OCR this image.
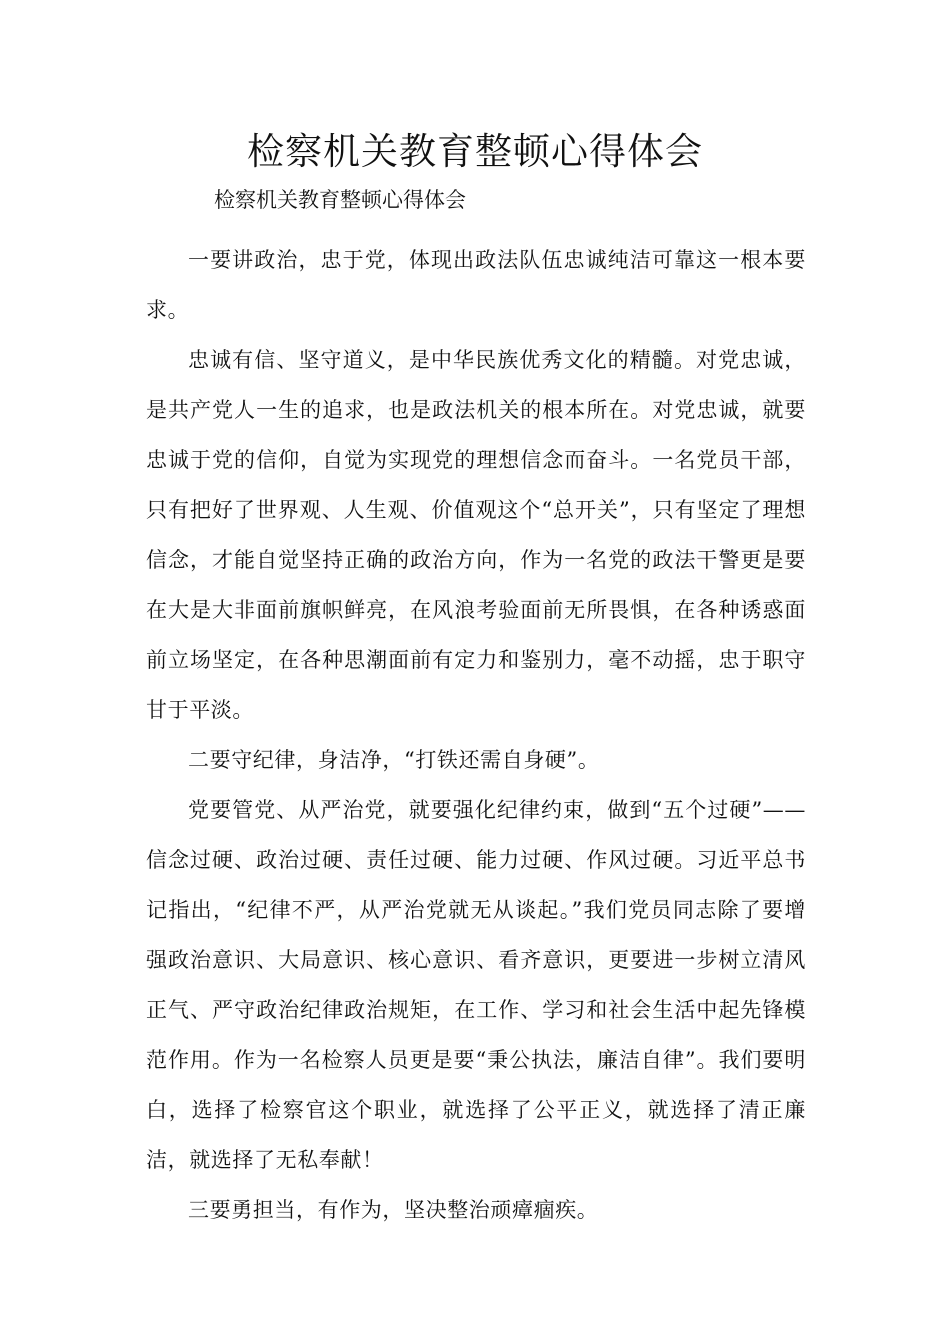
检察机关教育整顿心得体会
检察机关教育整顿心得体会

一要讲政治，忠于党，体现出政法队伍忠诚纯洁可靠这一根本要求。

忠诚有信、坚守道义，是中华民族优秀文化的精髓。对党忠诚，是共产党人一生的追求，也是政法机关的根本所在。对党忠诚，就要忠诚于党的信仰，自觉为实现党的理想信念而奋斗。一名党员干部，只有把好了世界观、人生观、价值观这个“总开关”，只有坚定了理想信念，才能自觉坚持正确的政治方向，作为一名党的政法干警更是要在大是大非面前旗帜鲜亮，在风浪考验面前无所畏惧，在各种诱惑面前立场坚定，在各种思潮面前有定力和鉴别力，毫不动摇，忠于职守甘于平淡。

二要守纪律，身洁净，“打铁还需自身硬”。

党要管党、从严治党，就要强化纪律约束，做到“五个过硬”——信念过硬、政治过硬、责任过硬、能力过硬、作风过硬。习近平总书记指出，“纪律不严，从严治党就无从谈起。”我们党员同志除了要增强政治意识、大局意识、核心意识、看齐意识，更要进一步树立清风正气、严守政治纪律政治规矩，在工作、学习和社会生活中起先锋模范作用。作为一名检察人员更是要“秉公执法，廉洁自律”。我们要明白，选择了检察官这个职业，就选择了公平正义，就选择了清正廉洁，就选择了无私奉献！

三要勇担当，有作为，坚决整治顽瘴痼疾。
